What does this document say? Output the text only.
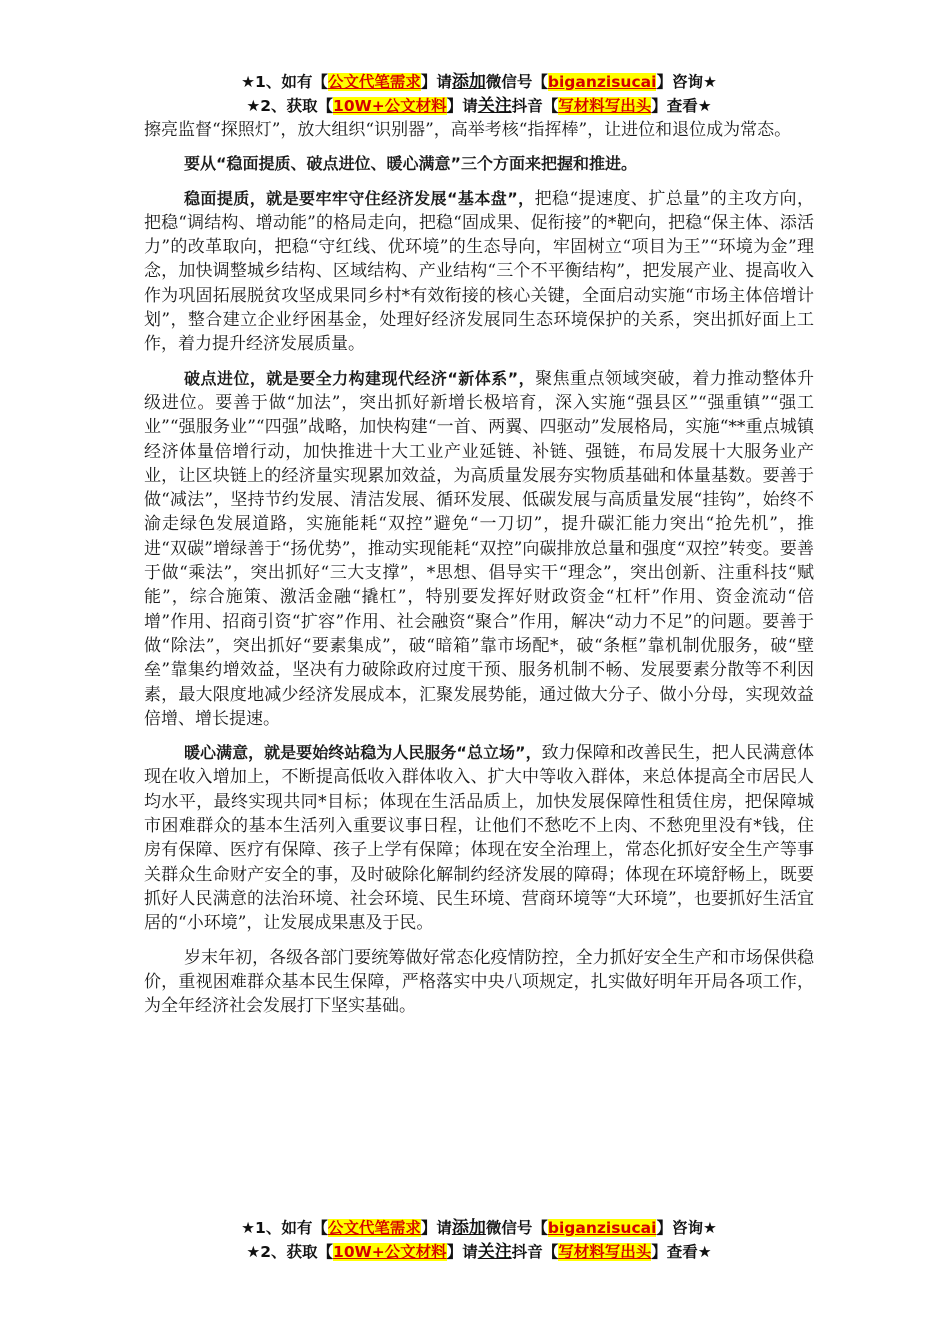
★1、如有【公文代笔需求】请添加微信号【biganzisucai】咨询★
★2、获取【10W+公文材料】请关注抖音【写材料写出头】查看★

擦亮监督“探照灯”，放大组织“识别器”，高举考核“指挥棒”，让进位和退位成为常态。

要从“稳面提质、破点进位、暖心满意”三个方面来把握和推进。

稳面提质，就是要牢牢守住经济发展“基本盘”，把稳“提速度、扩总量”的主攻方向，把稳“调结构、增动能”的格局走向，把稳“固成果、促衔接”的*靶向，把稳“保主体、添活力”的改革取向，把稳“守红线、优环境”的生态导向，牢固树立“项目为王”“环境为金”理念，加快调整城乡结构、区域结构、产业结构“三个不平衡结构”，把发展产业、提高收入作为巩固拓展脱贫攻坚成果同乡村*有效衔接的核心关键，全面启动实施“市场主体倍增计划”，整合建立企业纾困基金，处理好经济发展同生态环境保护的关系，突出抓好面上工作，着力提升经济发展质量。

破点进位，就是要全力构建现代经济“新体系”，聚焦重点领域突破，着力推动整体升级进位。要善于做“加法”，突出抓好新增长极培育，深入实施“强县区”“强重镇”“强工业”“强服务业”“四强”战略，加快构建“一首、两翼、四驱动”发展格局，实施“**重点城镇经济体量倍增行动，加快推进十大工业产业延链、补链、强链，布局发展十大服务业产业，让区块链上的经济量实现累加效益，为高质量发展夯实物质基础和体量基数。要善于做“减法”，坚持节约发展、清洁发展、循环发展、低碳发展与高质量发展“挂钩”，始终不渝走绿色发展道路，实施能耗“双控”避免“一刀切”，提升碳汇能力突出“抢先机”，推进“双碳”增绿善于“扬优势”，推动实现能耗“双控”向碳排放总量和强度“双控”转变。要善于做“乘法”，突出抓好“三大支撑”，*思想、倡导实干“理念”，突出创新、注重科技“赋能”，综合施策、激活金融“撬杠”，特别要发挥好财政资金“杠杆”作用、资金流动“倍增”作用、招商引资“扩容”作用、社会融资“聚合”作用，解决“动力不足”的问题。要善于做“除法”，突出抓好“要素集成”，破“暗箱”靠市场配*，破“条框”靠机制优服务，破“壁垒”靠集约增效益，坚决有力破除政府过度干预、服务机制不畅、发展要素分散等不利因素，最大限度地减少经济发展成本，汇聚发展势能，通过做大分子、做小分母，实现效益倍增、增长提速。

暖心满意，就是要始终站稳为人民服务“总立场”，致力保障和改善民生，把人民满意体现在收入增加上，不断提高低收入群体收入、扩大中等收入群体，来总体提高全市居民人均水平，最终实现共同*目标；体现在生活品质上，加快发展保障性租赁住房，把保障城市困难群众的基本生活列入重要议事日程，让他们不愁吃不上肉、不愁兜里没有*钱，住房有保障、医疗有保障、孩子上学有保障；体现在安全治理上，常态化抓好安全生产等事关群众生命财产安全的事，及时破除化解制约经济发展的障碍；体现在环境舒畅上，既要抓好人民满意的法治环境、社会环境、民生环境、营商环境等“大环境”，也要抓好生活宜居的“小环境”，让发展成果惠及于民。

岁末年初，各级各部门要统筹做好常态化疫情防控，全力抓好安全生产和市场保供稳价，重视困难群众基本民生保障，严格落实中央八项规定，扎实做好明年开局各项工作，为全年经济社会发展打下坚实基础。

★1、如有【公文代笔需求】请添加微信号【biganzisucai】咨询★
★2、获取【10W+公文材料】请关注抖音【写材料写出头】查看★
